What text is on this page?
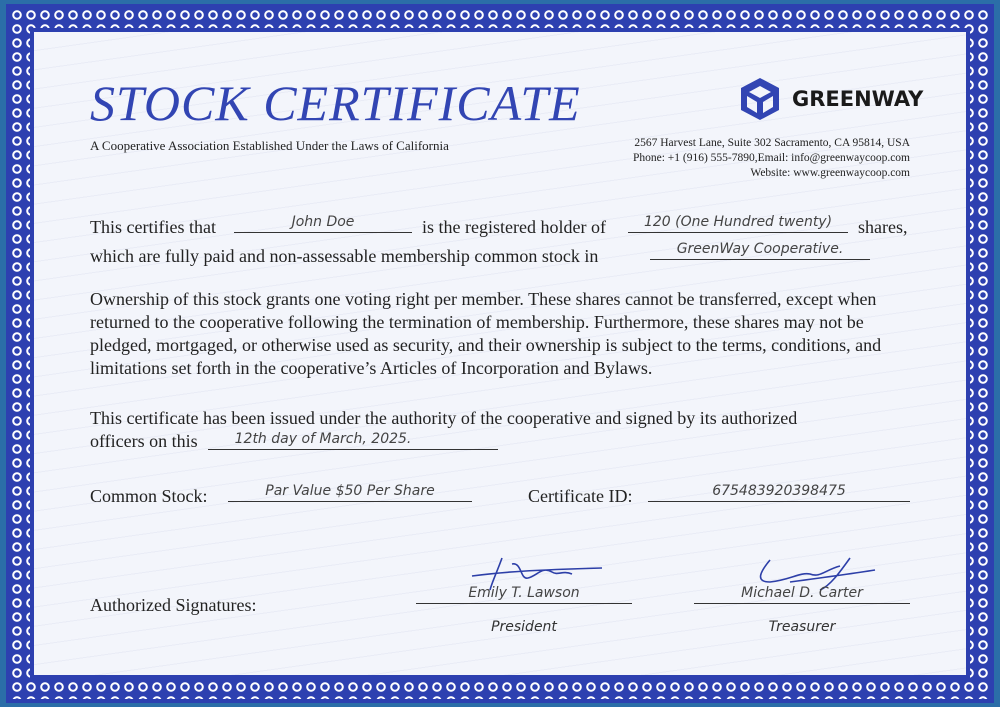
STOCK CERTIFICATE
A Cooperative Association Established Under the Laws of California
GREENWAY
2567 Harvest Lane, Suite 302 Sacramento, CA 95814, USA
Phone: +1 (916) 555-7890,Email: info@greenwaycoop.com
Website: www.greenwaycoop.com
This certifies that	John Doe	is the registered holder of	120 (One Hundred twenty)	shares,
which are fully paid and non-assessable membership common stock in	GreenWay Cooperative.
Ownership of this stock grants one voting right per member. These shares cannot be transferred, except when returned to the cooperative following the termination of membership. Furthermore, these shares may not be pledged, mortgaged, or otherwise used as security, and their ownership is subject to the terms, conditions, and limitations set forth in the cooperative’s Articles of Incorporation and Bylaws.
This certificate has been issued under the authority of the cooperative and signed by its authorized
officers on this	12th day of March, 2025.
Common Stock:	Par Value $50 Per Share	Certificate ID:	675483920398475
Authorized Signatures:
Emily T. Lawson
President
Michael D. Carter
Treasurer
